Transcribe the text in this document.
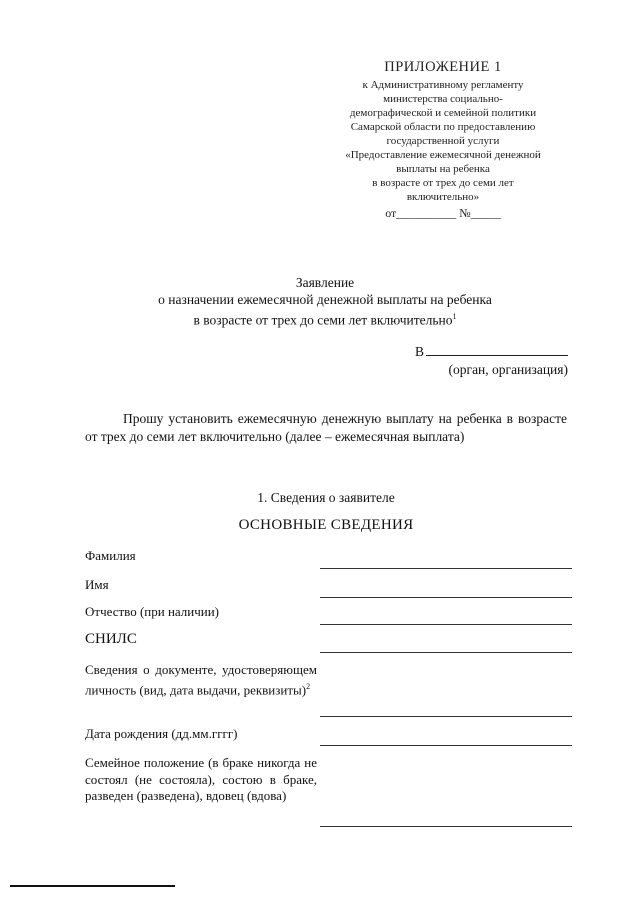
ПРИЛОЖЕНИЕ 1
к Административному регламенту
министерства социально-
демографической и семейной политики
Самарской области по предоставлению
государственной услуги
«Предоставление ежемесячной денежной
выплаты на ребенка
в возрасте от трех до семи лет
включительно»
от__________ №_____
Заявление
о назначении ежемесячной денежной выплаты на ребенка
в возрасте от трех до семи лет включительно$^1$
В
(орган, организация)
Прошу установить ежемесячную денежную выплату на ребенка в возрасте от трех до семи лет включительно (далее – ежемесячная выплата)
1. Сведения о заявителе
ОСНОВНЫЕ СВЕДЕНИЯ
Фамилия
Имя
Отчество (при наличии)
СНИЛС
Сведения о документе, удостоверяющем личность (вид, дата выдачи, реквизиты)$^2$
Дата рождения (дд.мм.гггг)
Семейное положение (в браке никогда не состоял (не состояла), состою в браке, разведен (разведена), вдовец (вдова)
